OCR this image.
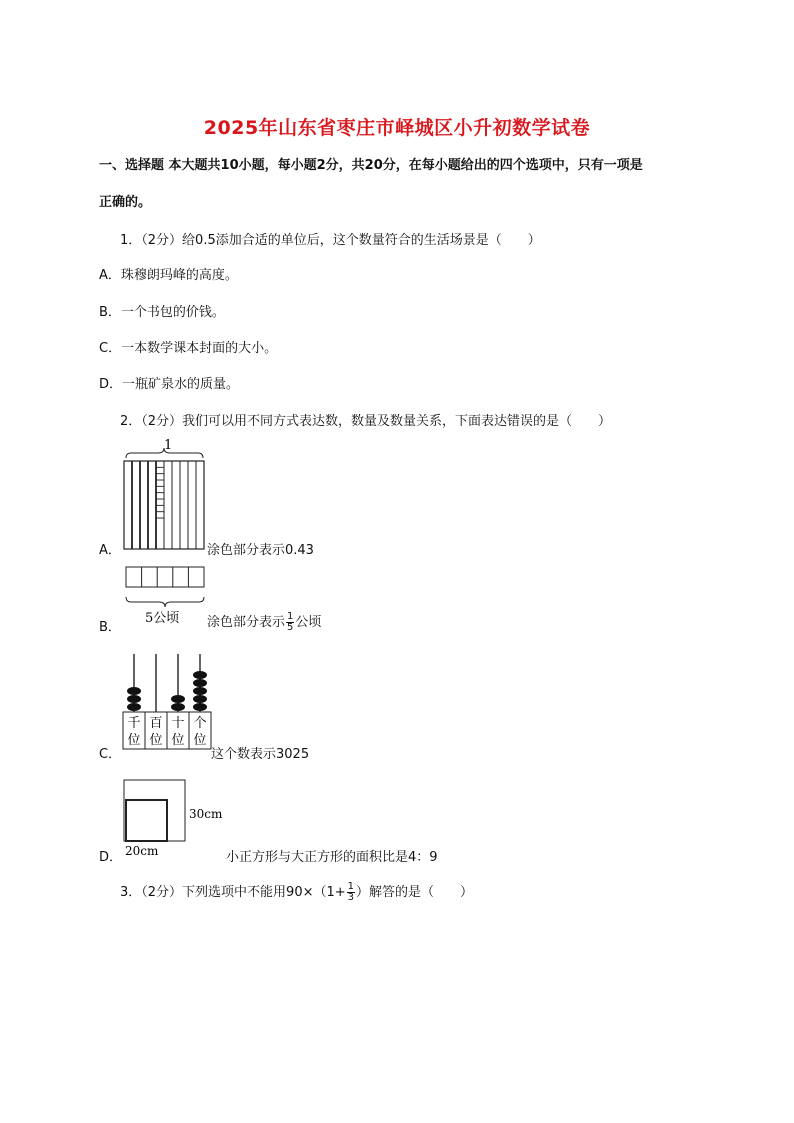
2025年山东省枣庄市峄城区小升初数学试卷
一、选择题 本大题共10小题，每小题2分，共20分，在每小题给出的四个选项中，只有一项是
正确的。
1．（2分）给0.5添加合适的单位后，这个数量符合的生活场景是（　　）
A．珠穆朗玛峰的高度。
B．一个书包的价钱。
C．一本数学课本封面的大小。
D．一瓶矿泉水的质量。
2．（2分）我们可以用不同方式表达数，数量及数量关系，下面表达错误的是（　　）
1
A．	涂色部分表示0.43
5公顷
B．	涂色部分表示 $\frac{1}{5}$ 公顷
千
位
百
位
十
位
个
位
C．	这个数表示3025
30cm
20cm
D．	小正方形与大正方形的面积比是4：9
3．（2分）下列选项中不能用$90\times(1+ \frac{1}{3}$ ）解答的是（　　）
